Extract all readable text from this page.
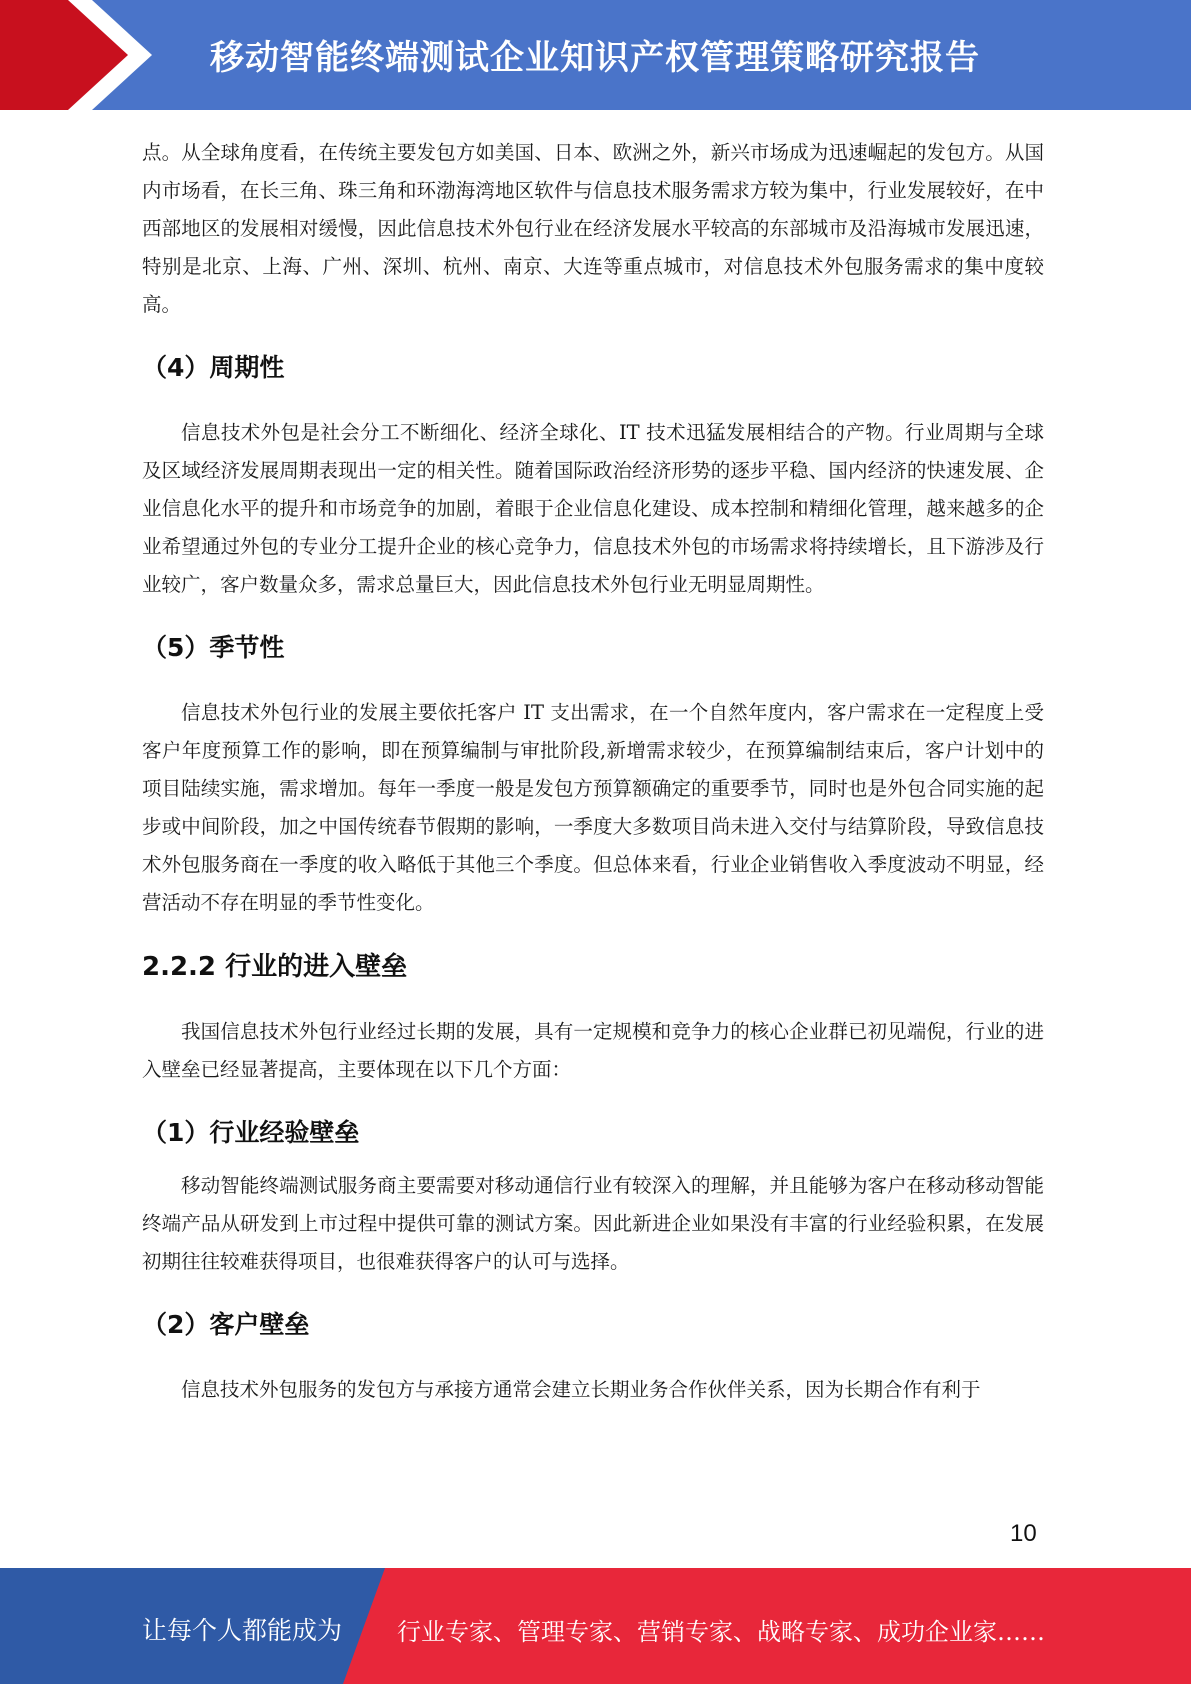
移动智能终端测试企业知识产权管理策略研究报告

点。从全球角度看，在传统主要发包方如美国、日本、欧洲之外，新兴市场成为迅速崛起的发包方。从国内市场看，在长三角、珠三角和环渤海湾地区软件与信息技术服务需求方较为集中，行业发展较好，在中西部地区的发展相对缓慢，因此信息技术外包行业在经济发展水平较高的东部城市及沿海城市发展迅速，特别是北京、上海、广州、深圳、杭州、南京、大连等重点城市，对信息技术外包服务需求的集中度较高。

（4）周期性

信息技术外包是社会分工不断细化、经济全球化、IT 技术迅猛发展相结合的产物。行业周期与全球及区域经济发展周期表现出一定的相关性。随着国际政治经济形势的逐步平稳、国内经济的快速发展、企业信息化水平的提升和市场竞争的加剧，着眼于企业信息化建设、成本控制和精细化管理，越来越多的企业希望通过外包的专业分工提升企业的核心竞争力，信息技术外包的市场需求将持续增长，且下游涉及行业较广，客户数量众多，需求总量巨大，因此信息技术外包行业无明显周期性。

（5）季节性

信息技术外包行业的发展主要依托客户 IT 支出需求，在一个自然年度内，客户需求在一定程度上受客户年度预算工作的影响，即在预算编制与审批阶段,新增需求较少，在预算编制结束后，客户计划中的项目陆续实施，需求增加。每年一季度一般是发包方预算额确定的重要季节，同时也是外包合同实施的起步或中间阶段，加之中国传统春节假期的影响，一季度大多数项目尚未进入交付与结算阶段，导致信息技术外包服务商在一季度的收入略低于其他三个季度。但总体来看，行业企业销售收入季度波动不明显，经营活动不存在明显的季节性变化。

2.2.2 行业的进入壁垒

我国信息技术外包行业经过长期的发展，具有一定规模和竞争力的核心企业群已初见端倪，行业的进入壁垒已经显著提高，主要体现在以下几个方面：

（1）行业经验壁垒

移动智能终端测试服务商主要需要对移动通信行业有较深入的理解，并且能够为客户在移动移动智能终端产品从研发到上市过程中提供可靠的测试方案。因此新进企业如果没有丰富的行业经验积累，在发展初期往往较难获得项目，也很难获得客户的认可与选择。

（2）客户壁垒

信息技术外包服务的发包方与承接方通常会建立长期业务合作伙伴关系，因为长期合作有利于

10
让每个人都能成为 行业专家、管理专家、营销专家、战略专家、成功企业家……
